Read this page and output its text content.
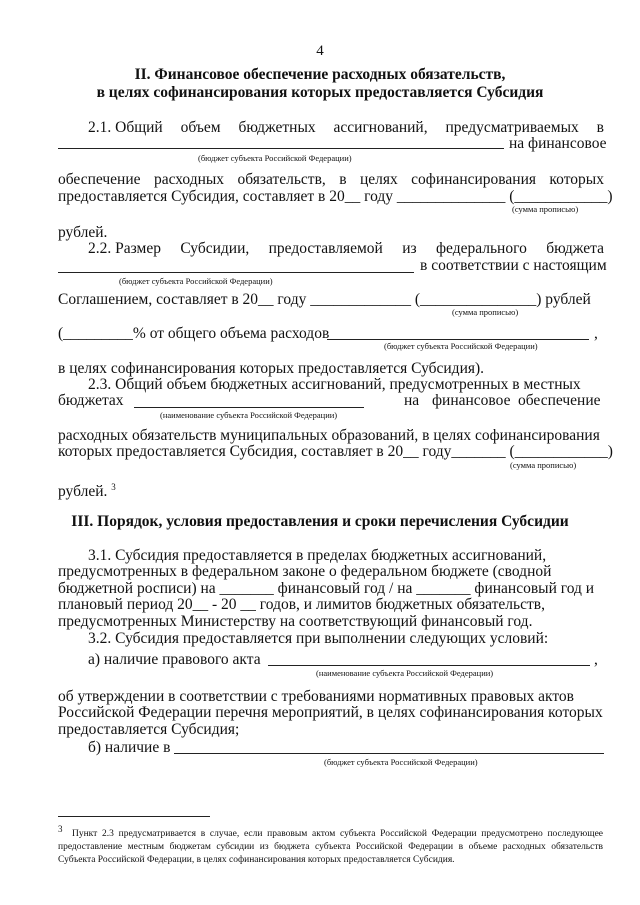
4
II. Финансовое обеспечение расходных обязательств,
в целях софинансирования которых предоставляется Субсидия
2.1. Общий объем бюджетных ассигнований, предусматриваемых в
на финансовое
(бюджет субъекта Российской Федерации)
обеспечение расходных обязательств, в целях софинансирования которых
предоставляется Субсидия, составляет в 20__ году ______________ (____________)
(сумма прописью)
рублей.
2.2. Размер Субсидии, предоставляемой из федерального бюджета
в соответствии с настоящим
(бюджет субъекта Российской Федерации)
Соглашением, составляет в 20__ году _____________ (_______________) рублей
(сумма прописью)
(_________% от общего объема расходов	,
(бюджет субъекта Российской Федерации)
в целях софинансирования которых предоставляется Субсидия).
2.3. Общий объем бюджетных ассигнований, предусмотренных в местных
бюджетах	на финансовое обеспечение
(наименование субъекта Российской Федерации)
расходных обязательств муниципальных образований, в целях софинансирования
которых предоставляется Субсидия, составляет в 20__ году_______ (____________)
(сумма прописью)
рублей. $^3$
III. Порядок, условия предоставления и сроки перечисления Субсидии
3.1. Субсидия предоставляется в пределах бюджетных ассигнований,
предусмотренных в федеральном законе о федеральном бюджете (сводной
бюджетной росписи) на _______ финансовый год / на _______ финансовый год и
плановый период 20__ - 20 __ годов, и лимитов бюджетных обязательств,
предусмотренных Министерству на соответствующий финансовый год.
3.2. Субсидия предоставляется при выполнении следующих условий:
а) наличие правового акта	,
(наименование субъекта Российской Федерации)
об утверждении в соответствии с требованиями нормативных правовых актов
Российской Федерации перечня мероприятий, в целях софинансирования которых
предоставляется Субсидия;
б) наличие в
(бюджет субъекта Российской Федерации)
$^3$  Пункт 2.3 предусматривается в случае, если правовым актом субъекта Российской Федерации предусмотрено последующее предоставление местным бюджетам субсидии из бюджета субъекта Российской Федерации в объеме расходных обязательств Субъекта Российской Федерации, в целях софинансирования которых предоставляется Субсидия.
